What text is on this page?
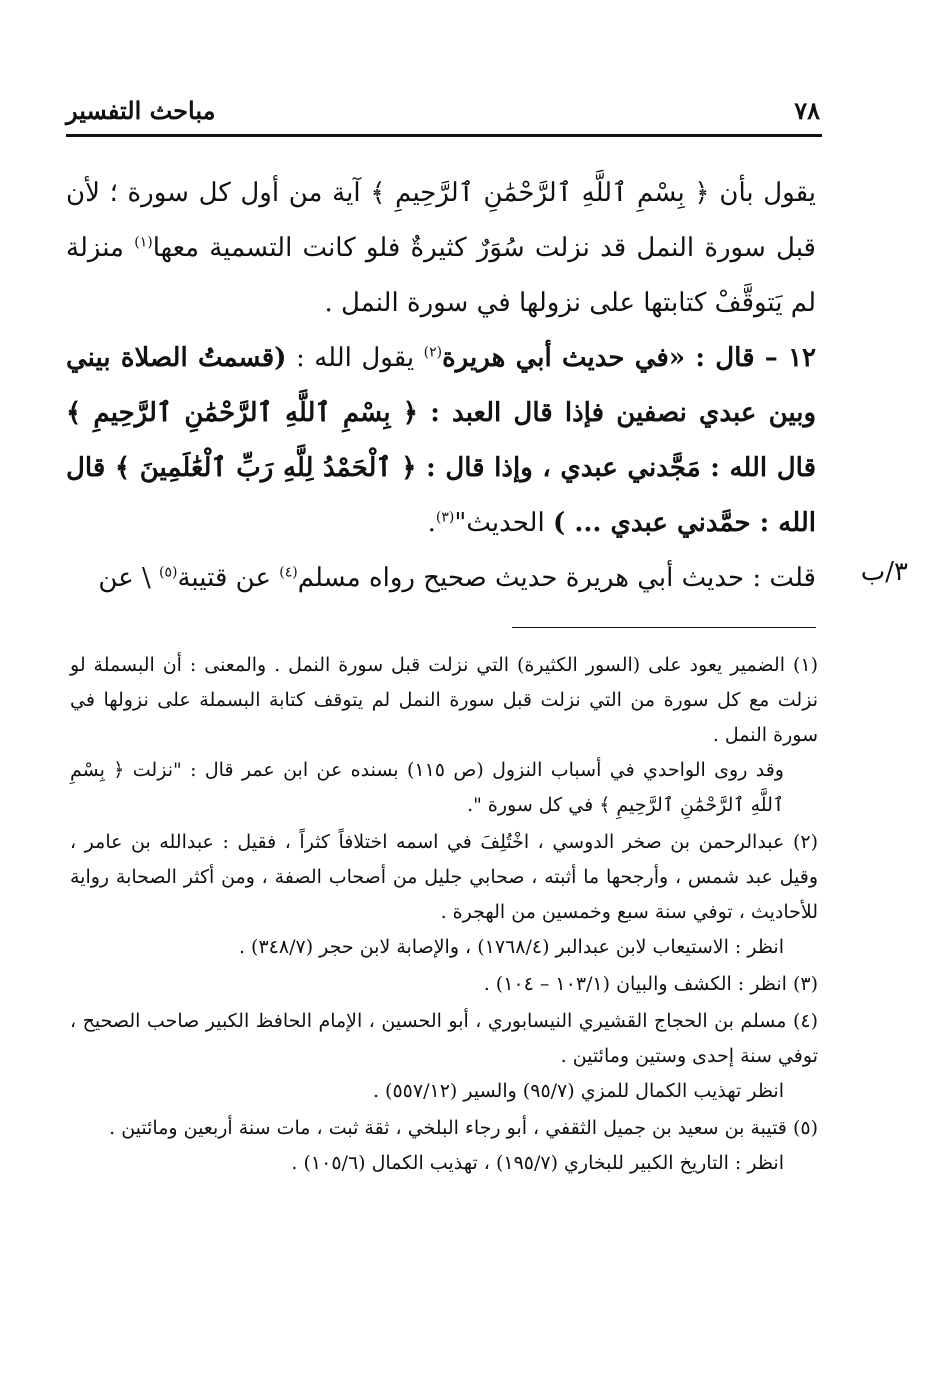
٧٨
مباحث التفسير

يقول بأن ﴿ بِسْمِ ٱللَّهِ ٱلرَّحْمَٰنِ ٱلرَّحِيمِ ﴾ آية من أول كل سورة ؛ لأن قبل سورة النمل قد نزلت سُوَرٌ كثيرةٌ فلو كانت التسمية معها$^{(١)}$ منزلة لم يَتوقَّفْ كتابتها على نزولها في سورة النمل .

١٢ – قال : «في حديث أبي هريرة$^{(٢)}$ يقول الله : (قسمتُ الصلاة بيني وبين عبدي نصفين فإذا قال العبد : ﴿ بِسْمِ ٱللَّهِ ٱلرَّحْمَٰنِ ٱلرَّحِيمِ ﴾ قال الله : مَجَّدني عبدي ، وإذا قال : ﴿ ٱلْحَمْدُ لِلَّهِ رَبِّ ٱلْعَٰلَمِينَ ﴾ قال الله : حمَّدني عبدي ... ) الحديث"$^{(٣)}$.

قلت : حديث أبي هريرة حديث صحيح رواه مسلم$^{(٤)}$ عن قتيبة$^{(٥)}$ \ عن	٣/ب
(١) الضمير يعود على (السور الكثيرة) التي نزلت قبل سورة النمل . والمعنى : أن البسملة لو نزلت مع كل سورة من التي نزلت قبل سورة النمل لم يتوقف كتابة البسملة على نزولها في سورة النمل .
وقد روى الواحدي في أسباب النزول (ص ١١٥) بسنده عن ابن عمر قال : "نزلت ﴿ بِسْمِ ٱللَّهِ ٱلرَّحْمَٰنِ ٱلرَّحِيمِ ﴾ في كل سورة ".
(٢) عبدالرحمن بن صخر الدوسي ، اخْتُلِفَ في اسمه اختلافاً كثراً ، فقيل : عبدالله بن عامر ، وقيل عبد شمس ، وأرجحها ما أثبته ، صحابي جليل من أصحاب الصفة ، ومن أكثر الصحابة رواية للأحاديث ، توفي سنة سبع وخمسين من الهجرة .
انظر : الاستيعاب لابن عبدالبر (١٧٦٨/٤) ، والإصابة لابن حجر (٣٤٨/٧) .
(٣) انظر : الكشف والبيان (١٠٣/١ – ١٠٤) .
(٤) مسلم بن الحجاج القشيري النيسابوري ، أبو الحسين ، الإمام الحافظ الكبير صاحب الصحيح ، توفي سنة إحدى وستين ومائتين .
انظر تهذيب الكمال للمزي (٩٥/٧) والسير (٥٥٧/١٢) .
(٥) قتيبة بن سعيد بن جميل الثقفي ، أبو رجاء البلخي ، ثقة ثبت ، مات سنة أربعين ومائتين .
انظر : التاريخ الكبير للبخاري (١٩٥/٧) ، تهذيب الكمال (١٠٥/٦) .
